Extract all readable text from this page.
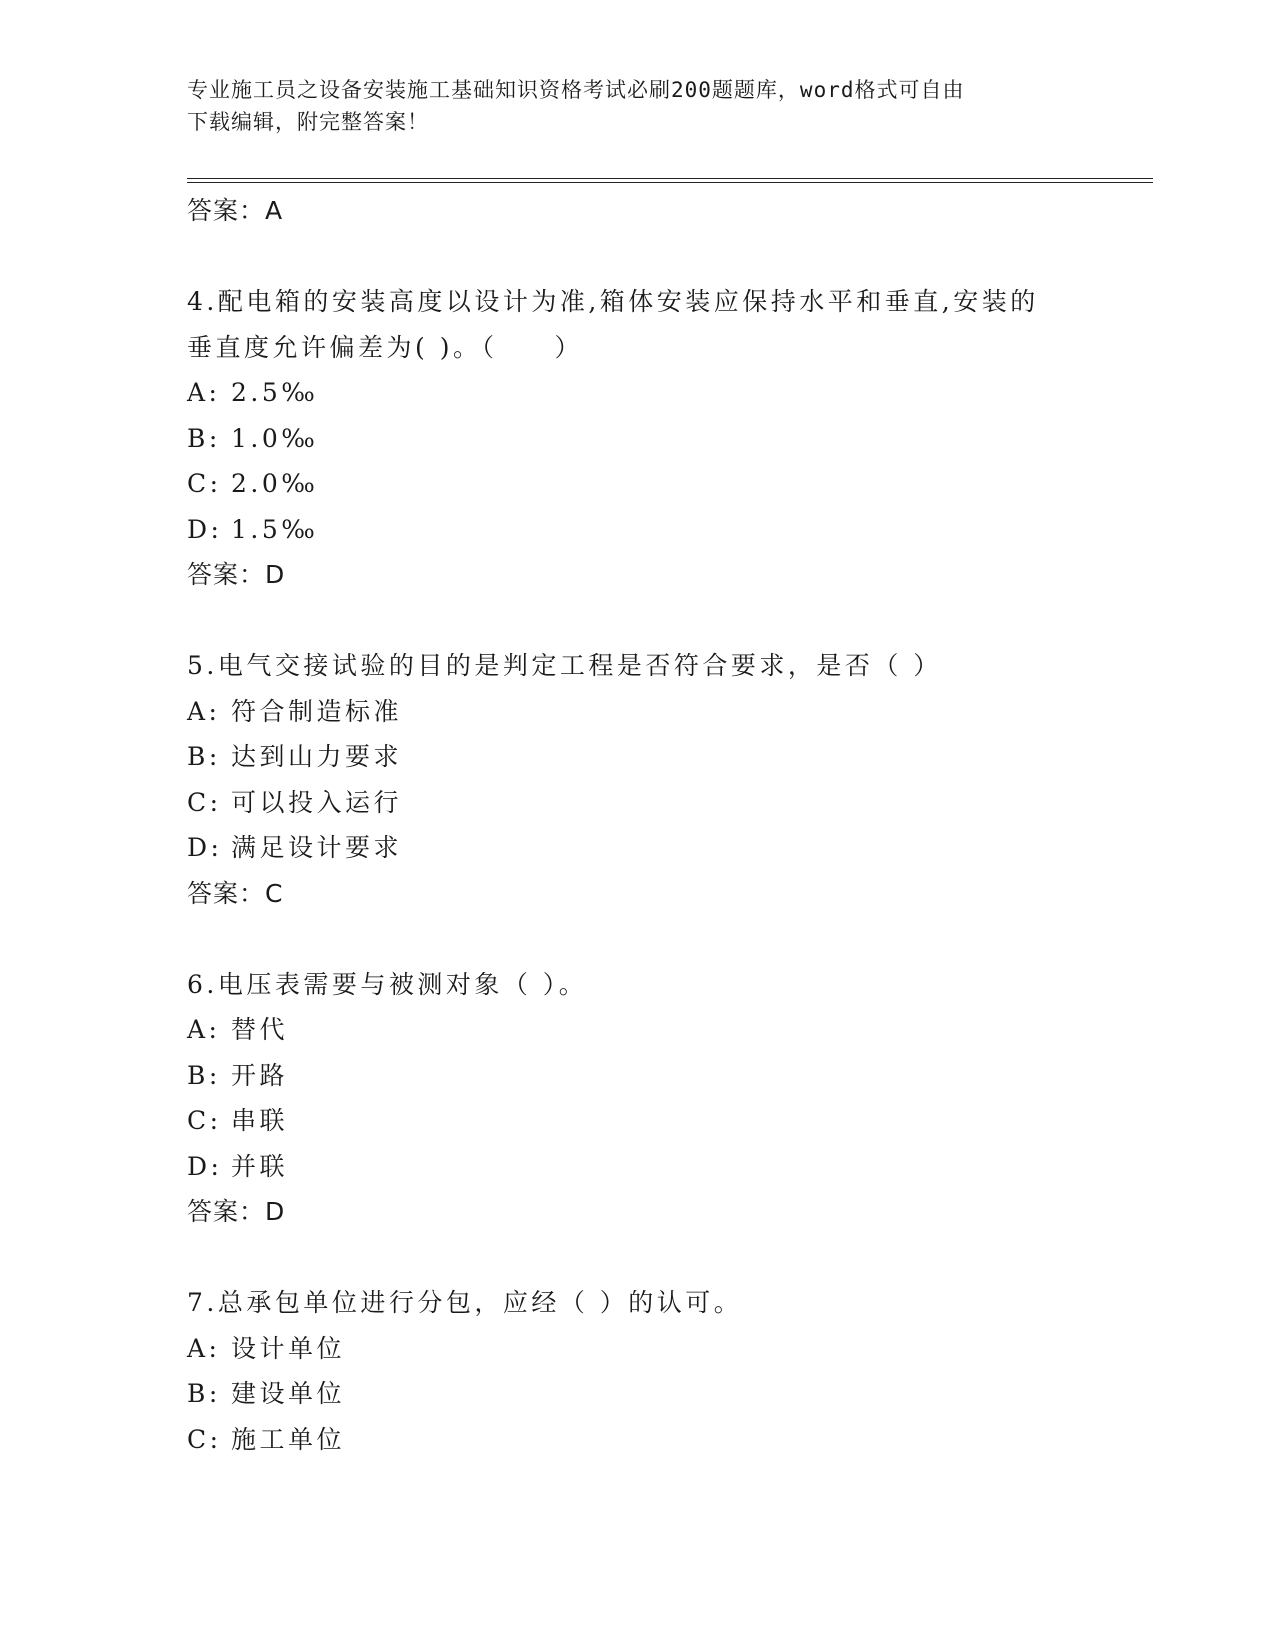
专业施工员之设备安装施工基础知识资格考试必刷200题题库，word格式可自由
下载编辑，附完整答案！
答案：A
4.配电箱的安装高度以设计为准,箱体安装应保持水平和垂直,安装的
垂直度允许偏差为( )。（　　）
A: 2.5‰
B: 1.0‰
C: 2.0‰
D: 1.5‰
答案：D
5.电气交接试验的目的是判定工程是否符合要求，是否（ ）
A: 符合制造标准
B: 达到山力要求
C: 可以投入运行
D: 满足设计要求
答案：C
6.电压表需要与被测对象（ ）。
A: 替代
B: 开路
C: 串联
D: 并联
答案：D
7.总承包单位进行分包，应经（ ）的认可。
A: 设计单位
B: 建设单位
C: 施工单位
